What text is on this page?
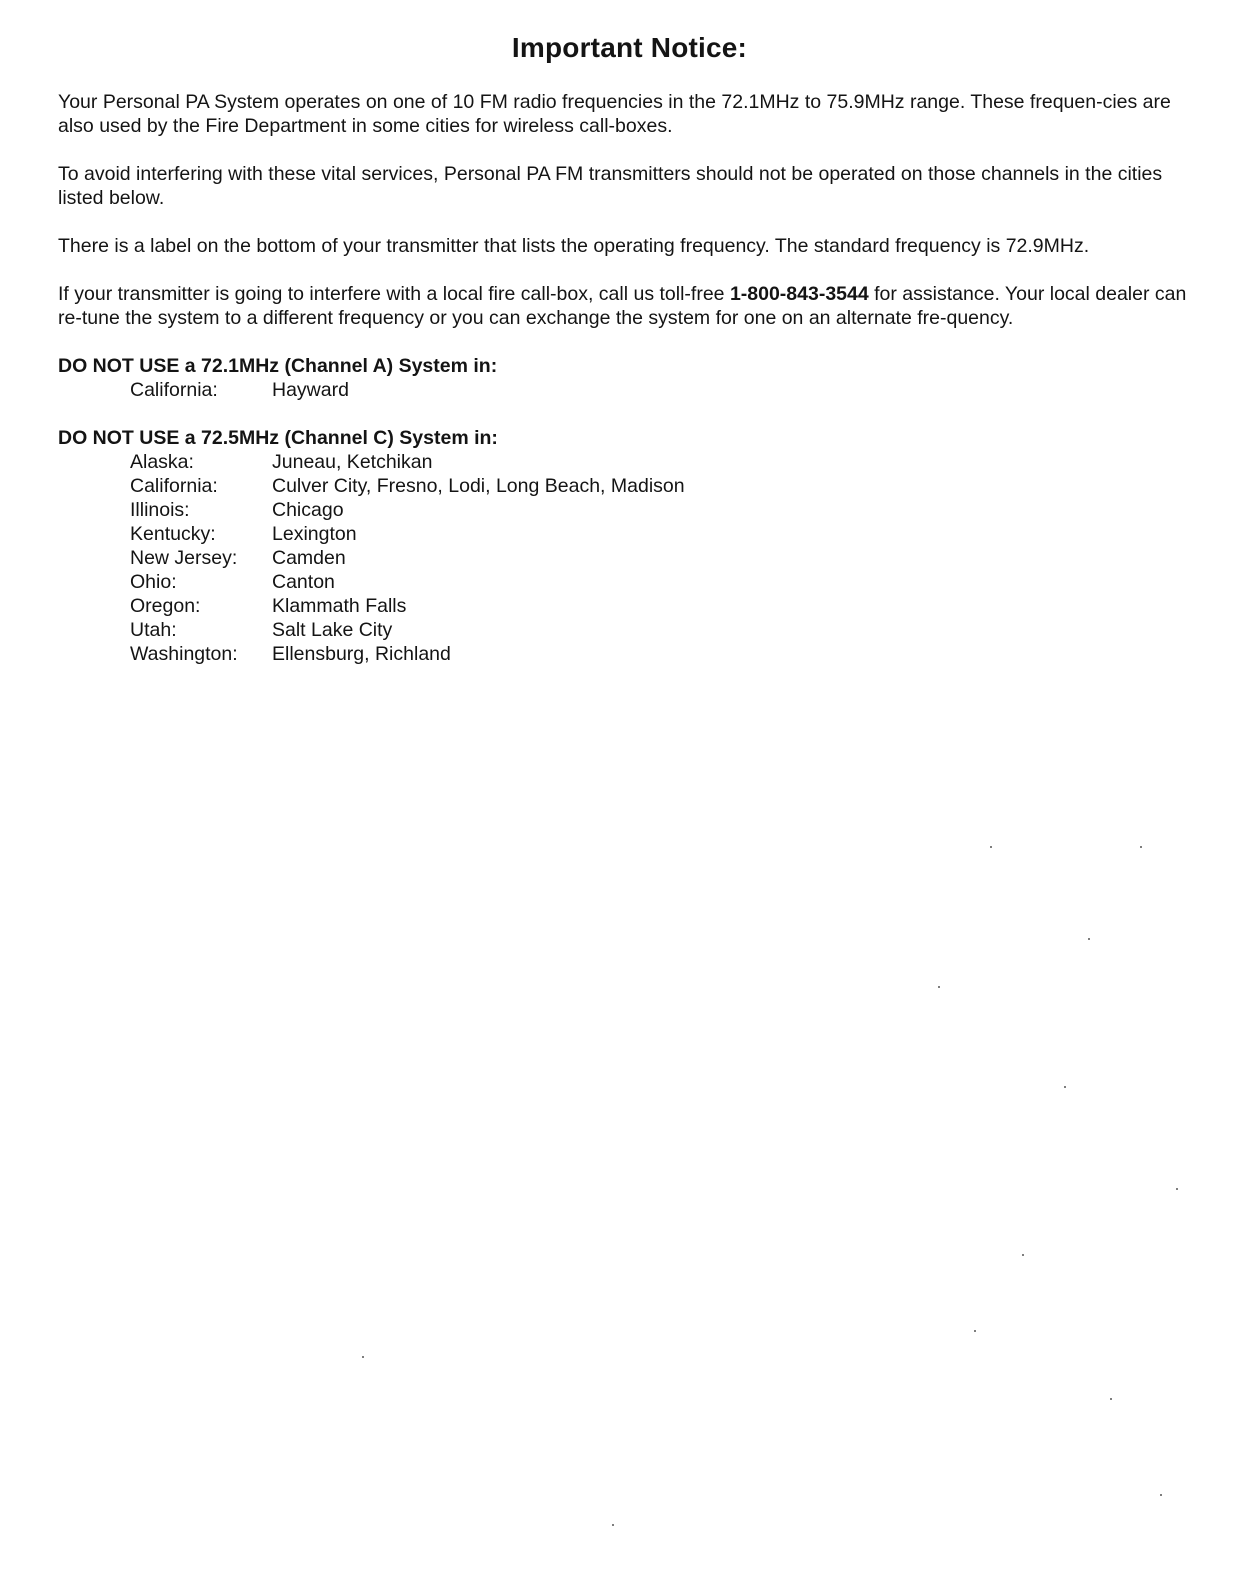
Important Notice:

Your Personal PA System operates on one of 10 FM radio frequencies in the 72.1MHz to 75.9MHz range. These frequen-cies are also used by the Fire Department in some cities for wireless call-boxes.

To avoid interfering with these vital services, Personal PA FM transmitters should not be operated on those channels in the cities listed below.

There is a label on the bottom of your transmitter that lists the operating frequency. The standard frequency is 72.9MHz.

If your transmitter is going to interfere with a local fire call-box, call us toll-free 1-800-843-3544 for assistance. Your local dealer can re-tune the system to a different frequency or you can exchange the system for one on an alternate fre-quency.

DO NOT USE a 72.1MHz (Channel A) System in:
California:	Hayward
DO NOT USE a 72.5MHz (Channel C) System in:
Alaska:	Juneau, Ketchikan
California:	Culver City, Fresno, Lodi, Long Beach, Madison
Illinois:	Chicago
Kentucky:	Lexington
New Jersey:	Camden
Ohio:	Canton
Oregon:	Klammath Falls
Utah:	Salt Lake City
Washington:	Ellensburg, Richland
